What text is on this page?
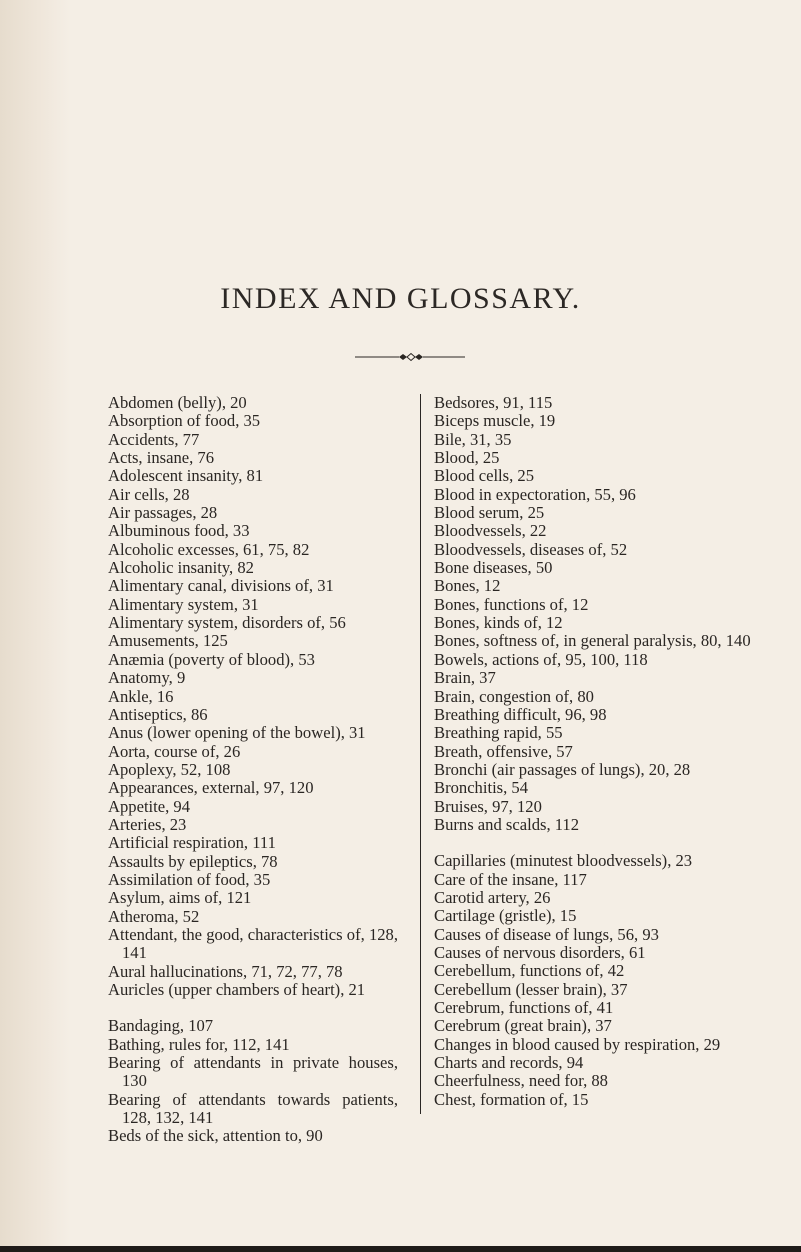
INDEX AND GLOSSARY.
Abdomen (belly), 20
Absorption of food, 35
Accidents, 77
Acts, insane, 76
Adolescent insanity, 81
Air cells, 28
Air passages, 28
Albuminous food, 33
Alcoholic excesses, 61, 75, 82
Alcoholic insanity, 82
Alimentary canal, divisions of, 31
Alimentary system, 31
Alimentary system, disorders of, 56
Amusements, 125
Anæmia (poverty of blood), 53
Anatomy, 9
Ankle, 16
Antiseptics, 86
Anus (lower opening of the bowel), 31
Aorta, course of, 26
Apoplexy, 52, 108
Appearances, external, 97, 120
Appetite, 94
Arteries, 23
Artificial respiration, 111
Assaults by epileptics, 78
Assimilation of food, 35
Asylum, aims of, 121
Atheroma, 52
Attendant, the good, characteristics of, 128, 141
Aural hallucinations, 71, 72, 77, 78
Auricles (upper chambers of heart), 21
Bandaging, 107
Bathing, rules for, 112, 141
Bearing of attendants in private houses, 130
Bearing of attendants towards patients, 128, 132, 141
Beds of the sick, attention to, 90
Bedsores, 91, 115
Biceps muscle, 19
Bile, 31, 35
Blood, 25
Blood cells, 25
Blood in expectoration, 55, 96
Blood serum, 25
Bloodvessels, 22
Bloodvessels, diseases of, 52
Bone diseases, 50
Bones, 12
Bones, functions of, 12
Bones, kinds of, 12
Bones, softness of, in general paralysis, 80, 140
Bowels, actions of, 95, 100, 118
Brain, 37
Brain, congestion of, 80
Breathing difficult, 96, 98
Breathing rapid, 55
Breath, offensive, 57
Bronchi (air passages of lungs), 20, 28
Bronchitis, 54
Bruises, 97, 120
Burns and scalds, 112
Capillaries (minutest bloodvessels), 23
Care of the insane, 117
Carotid artery, 26
Cartilage (gristle), 15
Causes of disease of lungs, 56, 93
Causes of nervous disorders, 61
Cerebellum, functions of, 42
Cerebellum (lesser brain), 37
Cerebrum, functions of, 41
Cerebrum (great brain), 37
Changes in blood caused by respiration, 29
Charts and records, 94
Cheerfulness, need for, 88
Chest, formation of, 15
